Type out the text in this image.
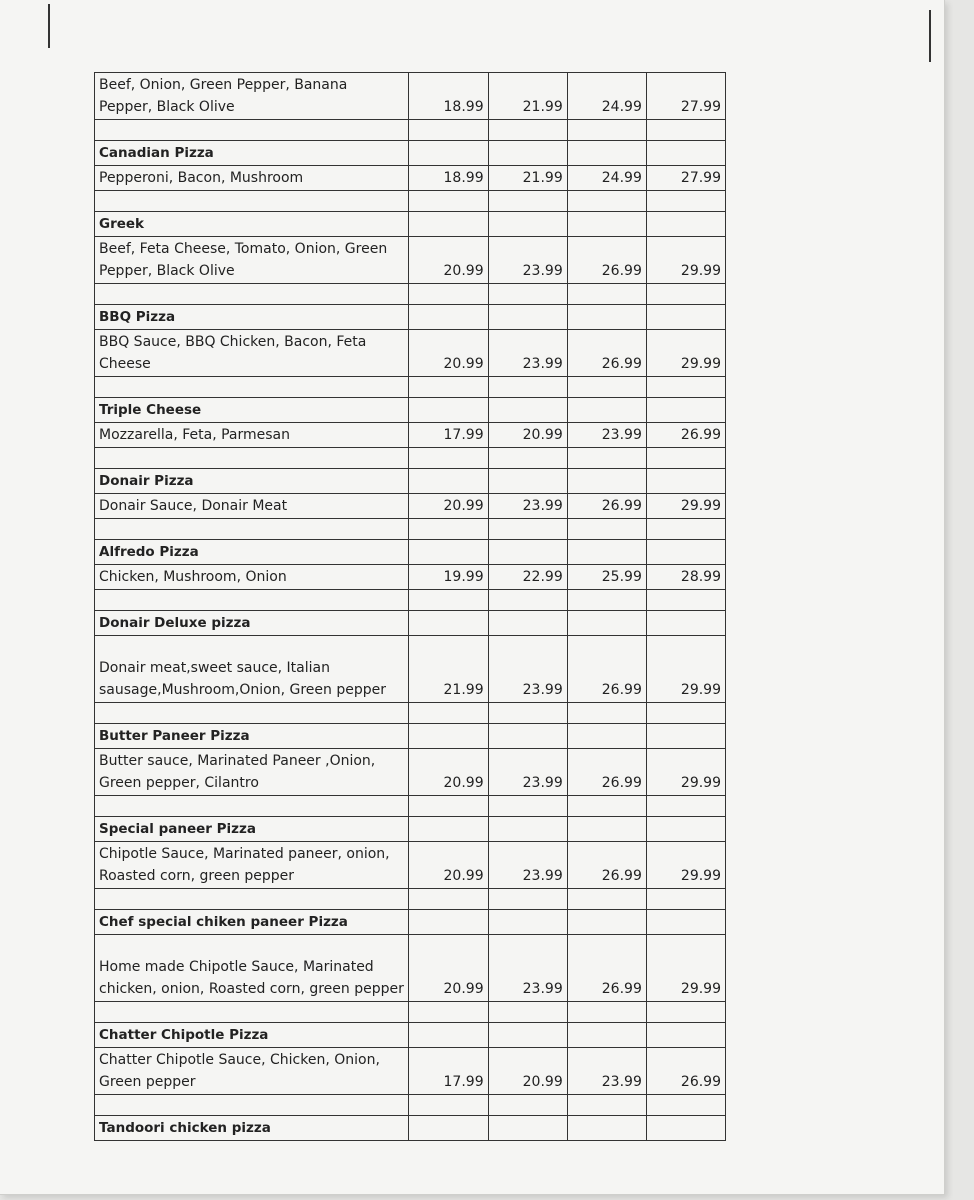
Beef, Onion, Green Pepper, Banana Pepper, Black Olive	18.99	21.99	24.99	27.99

Canadian Pizza				
Pepperoni, Bacon, Mushroom	18.99	21.99	24.99	27.99

Greek				
Beef, Feta Cheese, Tomato, Onion, Green Pepper, Black Olive	20.99	23.99	26.99	29.99

BBQ Pizza				
BBQ Sauce, BBQ Chicken, Bacon, Feta Cheese	20.99	23.99	26.99	29.99

Triple Cheese				
Mozzarella, Feta, Parmesan	17.99	20.99	23.99	26.99

Donair Pizza				
Donair Sauce, Donair Meat	20.99	23.99	26.99	29.99

Alfredo Pizza				
Chicken, Mushroom, Onion	19.99	22.99	25.99	28.99

Donair Deluxe pizza				
Donair meat,sweet sauce, Italian sausage,Mushroom,Onion, Green pepper	21.99	23.99	26.99	29.99

Butter Paneer Pizza				
Butter sauce, Marinated Paneer ,Onion, Green pepper, Cilantro	20.99	23.99	26.99	29.99

Special paneer Pizza				
Chipotle Sauce, Marinated paneer, onion, Roasted corn, green pepper	20.99	23.99	26.99	29.99

Chef special chiken paneer Pizza				
Home made Chipotle Sauce, Marinated chicken, onion, Roasted corn, green pepper	20.99	23.99	26.99	29.99

Chatter Chipotle Pizza				
Chatter Chipotle Sauce, Chicken, Onion, Green pepper	17.99	20.99	23.99	26.99

Tandoori chicken pizza				
